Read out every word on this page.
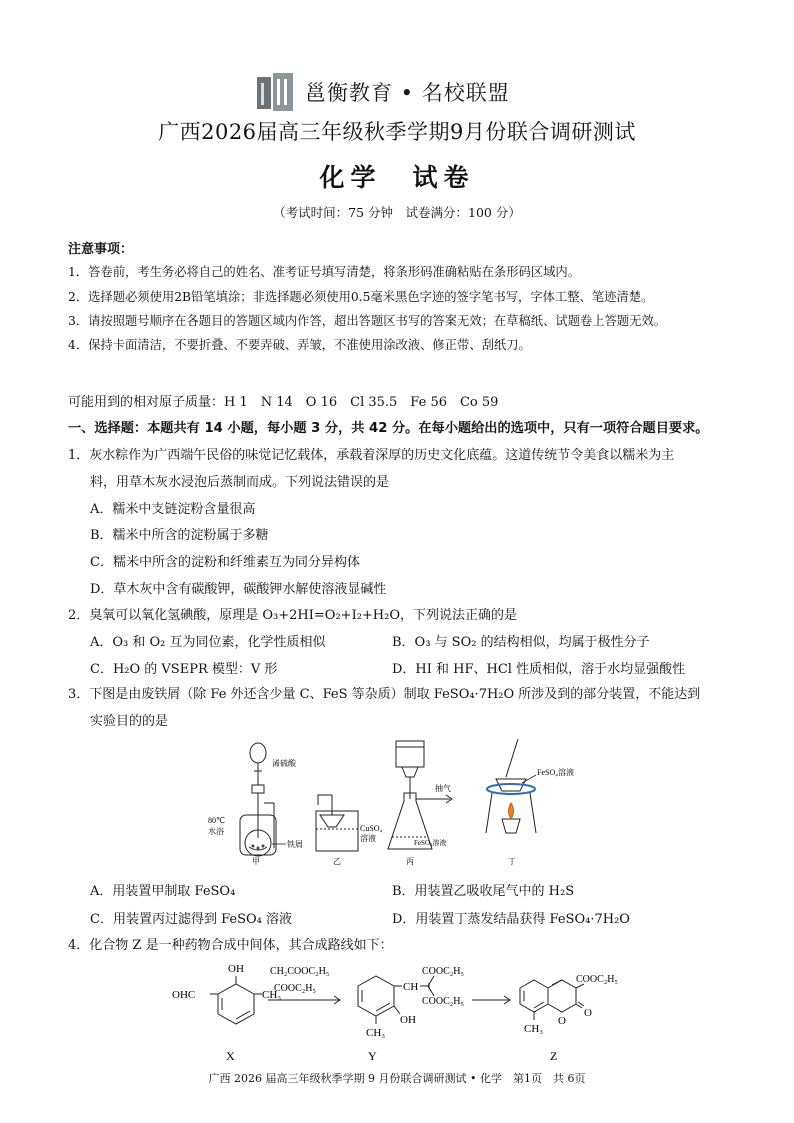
邕衡教育 • 名校联盟
广西2026届高三年级秋季学期9月份联合调研测试
化学　试卷
（考试时间：75 分钟　试卷满分：100 分）
注意事项：
1．答卷前，考生务必将自己的姓名、准考证号填写清楚，将条形码准确粘贴在条形码区域内。
2．选择题必须使用2B铅笔填涂；非选择题必须使用0.5毫米黑色字迹的签字笔书写，字体工整、笔迹清楚。
3．请按照题号顺序在各题目的答题区域内作答，超出答题区书写的答案无效；在草稿纸、试题卷上答题无效。
4．保持卡面清洁，不要折叠、不要弄破、弄皱，不准使用涂改液、修正带、刮纸刀。
可能用到的相对原子质量：H 1　N 14　O 16　Cl 35.5　Fe 56　Co 59
一、选择题：本题共有 14 小题，每小题 3 分，共 42 分。在每小题给出的选项中，只有一项符合题目要求。
1．灰水粽作为广西端午民俗的味觉记忆载体，承载着深厚的历史文化底蕴。这道传统节令美食以糯米为主
料，用草木灰水浸泡后蒸制而成。下列说法错误的是
A．糯米中支链淀粉含量很高
B．糯米中所含的淀粉属于多糖
C．糯米中所含的淀粉和纤维素互为同分异构体
D．草木灰中含有碳酸钾，碳酸钾水解使溶液显碱性
2．臭氧可以氧化氢碘酸，原理是 O₃+2HI=O₂+I₂+H₂O，下列说法正确的是
A．O₃ 和 O₂ 互为同位素，化学性质相似	B．O₃ 与 SO₂ 的结构相似，均属于极性分子
C．H₂O 的 VSEPR 模型：V 形	D．HI 和 HF、HCl 性质相似，溶于水均显强酸性
3．下图是由废铁屑（除 Fe 外还含少量 C、FeS 等杂质）制取 FeSO₄·7H₂O 所涉及到的部分装置，不能达到
实验目的的是
浠硫酸
80℃
水浴
铁屑
甲
CuSO₄
溶液
乙
抽气
FeSO₄溶液
丙
FeSO₄溶液
丁
A．用装置甲制取 FeSO₄	B．用装置乙吸收尾气中的 H₂S
C．用装置丙过滤得到 FeSO₄ 溶液	D．用装置丁蒸发结晶获得 FeSO₄·7H₂O
4．化合物 Z 是一种药物合成中间体，其合成路线如下：
OHC
OH
CH₃
CH₂COOC₂H₅
COOC₂H₅	CH
COOC₂H₅
COOC₂H₅
OH
CH₃
COOC₂H₅
O
O
CH₃
X	Y	Z
广西 2026 届高三年级秋季学期 9 月份联合调研测试 • 化学　第1页　共 6页
